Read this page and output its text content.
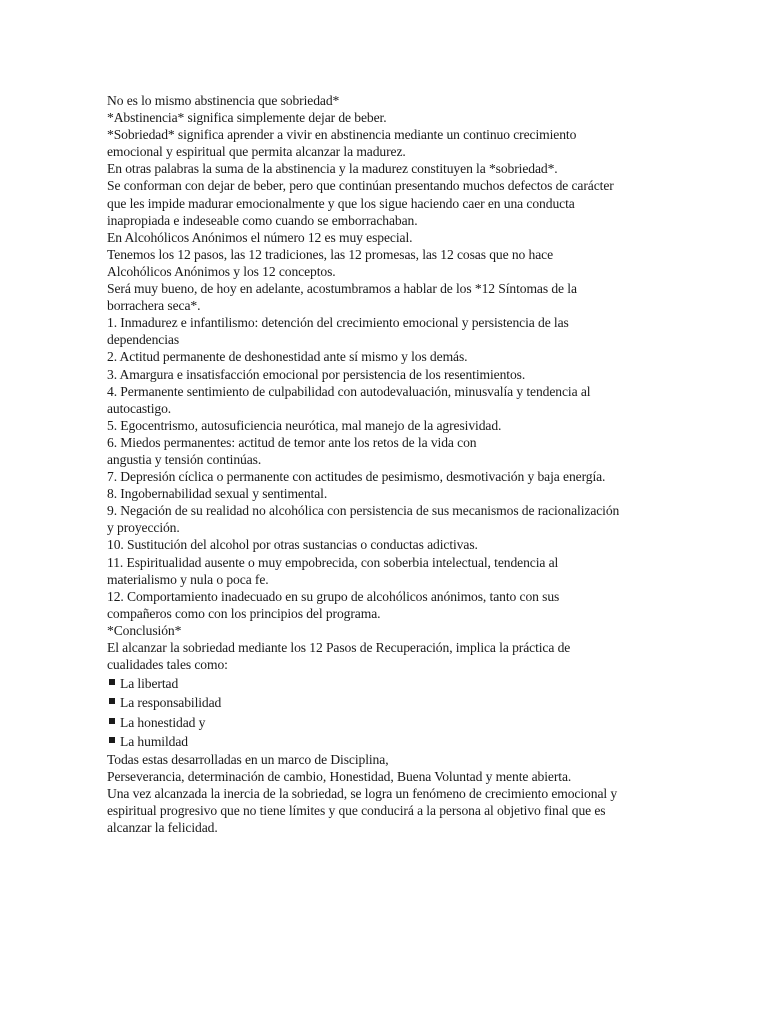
No es lo mismo abstinencia que sobriedad*
*Abstinencia* significa simplemente dejar de beber.
*Sobriedad* significa aprender a vivir en abstinencia mediante un continuo crecimiento
emocional y espiritual que permita alcanzar la madurez.
En otras palabras la suma de la abstinencia y la madurez constituyen la *sobriedad*.
Se conforman con dejar de beber, pero que continúan presentando muchos defectos de carácter
que les impide madurar emocionalmente y que los sigue haciendo caer en una conducta
inapropiada e indeseable como cuando se emborrachaban.
En Alcohólicos Anónimos el número 12 es muy especial.
Tenemos los 12 pasos, las 12 tradiciones, las 12 promesas, las 12 cosas que no hace
Alcohólicos Anónimos y los 12 conceptos.
Será muy bueno, de hoy en adelante, acostumbramos a hablar de los *12 Síntomas de la
borrachera seca*.
1. Inmadurez e infantilismo: detención del crecimiento emocional y persistencia de las
dependencias
2. Actitud permanente de deshonestidad ante sí mismo y los demás.
3. Amargura e insatisfacción emocional por persistencia de los resentimientos.
4. Permanente sentimiento de culpabilidad con autodevaluación, minusvalía y tendencia al
autocastigo.
5. Egocentrismo, autosuficiencia neurótica, mal manejo de la agresividad.
6. Miedos permanentes: actitud de temor ante los retos de la vida con
angustia y tensión continúas.
7. Depresión cíclica o permanente con actitudes de pesimismo, desmotivación y baja energía.
8. Ingobernabilidad sexual y sentimental.
9. Negación de su realidad no alcohólica con persistencia de sus mecanismos de racionalización
y proyección.
10. Sustitución del alcohol por otras sustancias o conductas adictivas.
11. Espiritualidad ausente o muy empobrecida, con soberbia intelectual, tendencia al
materialismo y nula o poca fe.
12. Comportamiento inadecuado en su grupo de alcohólicos anónimos, tanto con sus
compañeros como con los principios del programa.
*Conclusión*
El alcanzar la sobriedad mediante los 12 Pasos de Recuperación, implica la práctica de
cualidades tales como:
La libertad
La responsabilidad
La honestidad y
La humildad
Todas estas desarrolladas en un marco de Disciplina,
Perseverancia, determinación de cambio, Honestidad, Buena Voluntad y mente abierta.
Una vez alcanzada la inercia de la sobriedad, se logra un fenómeno de crecimiento emocional y
espiritual progresivo que no tiene límites y que conducirá a la persona al objetivo final que es
alcanzar la felicidad.
